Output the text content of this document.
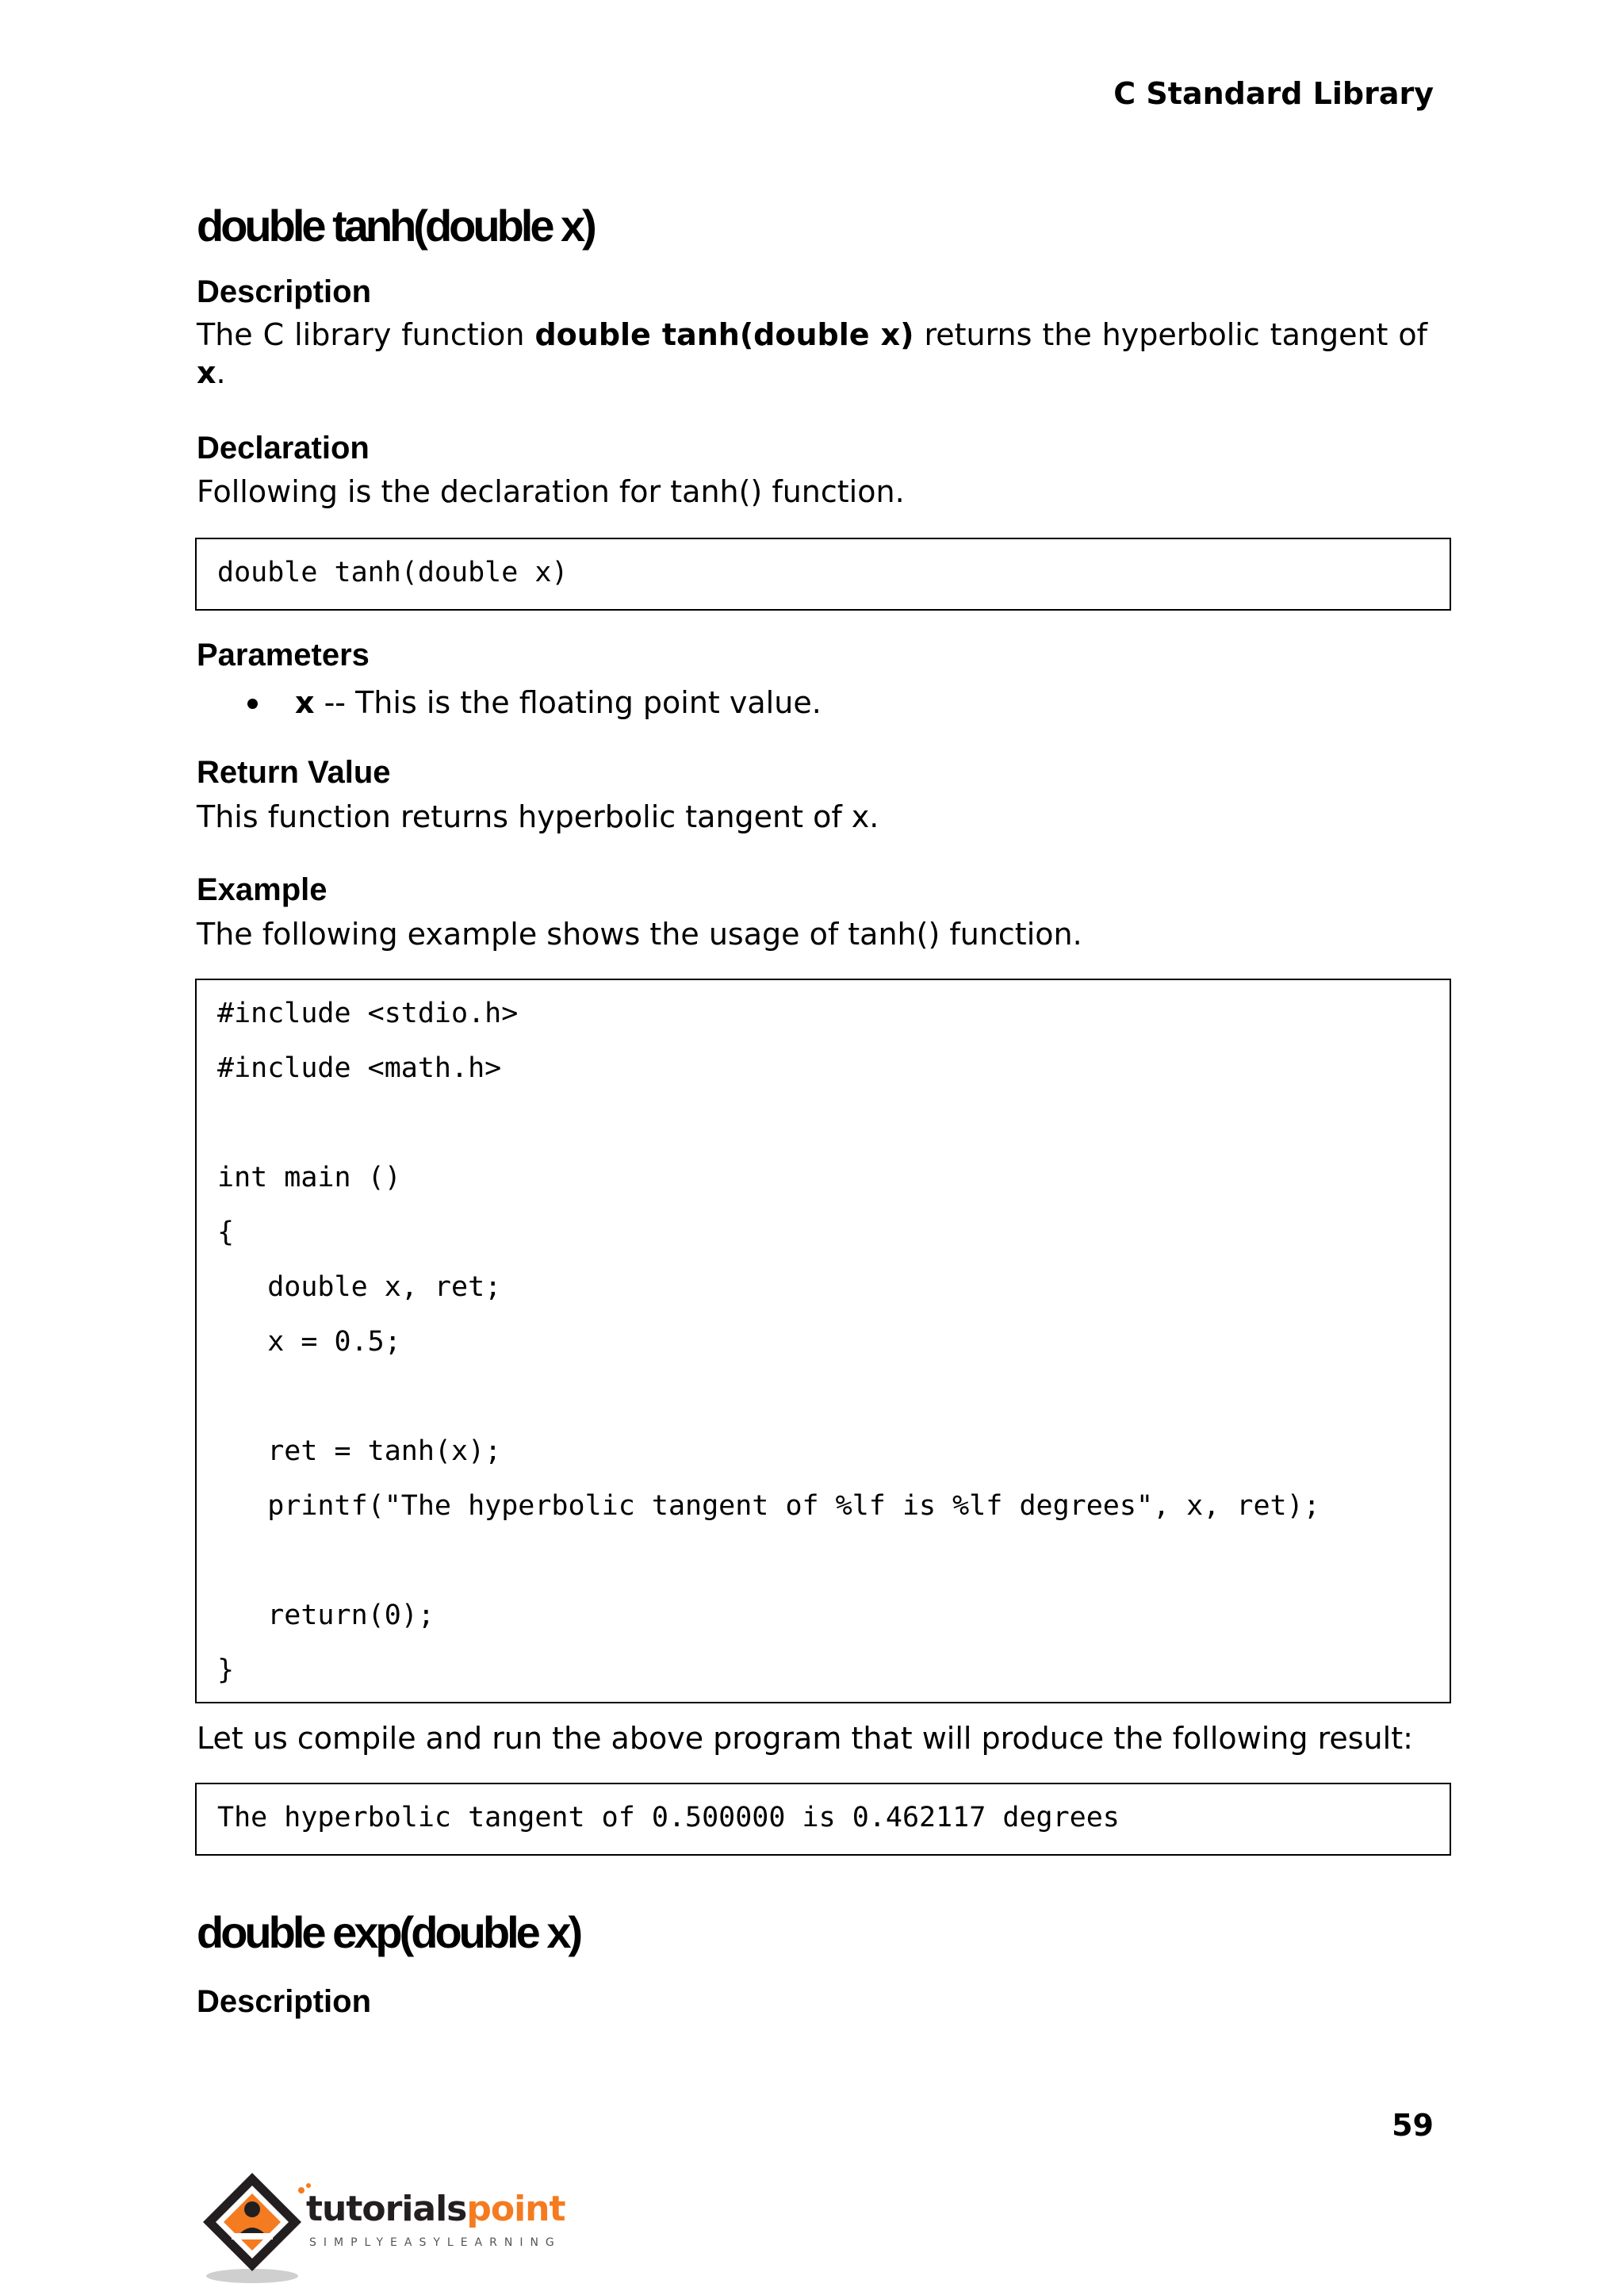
C Standard Library
double tanh(double x)
Description
The C library function double tanh(double x) returns the hyperbolic tangent of x.
Declaration
Following is the declaration for tanh() function.
double tanh(double x)
Parameters
x -- This is the floating point value.
Return Value
This function returns hyperbolic tangent of x.
Example
The following example shows the usage of tanh() function.
#include <stdio.h>
#include <math.h>
int main ()
{
double x, ret;
x = 0.5;
ret = tanh(x);
printf("The hyperbolic tangent of %lf is %lf degrees", x, ret);
return(0);
}
Let us compile and run the above program that will produce the following result:
The hyperbolic tangent of 0.500000 is 0.462117 degrees
double exp(double x)
Description
59
tutorialspoint
SIMPLYEASYLEARNING
